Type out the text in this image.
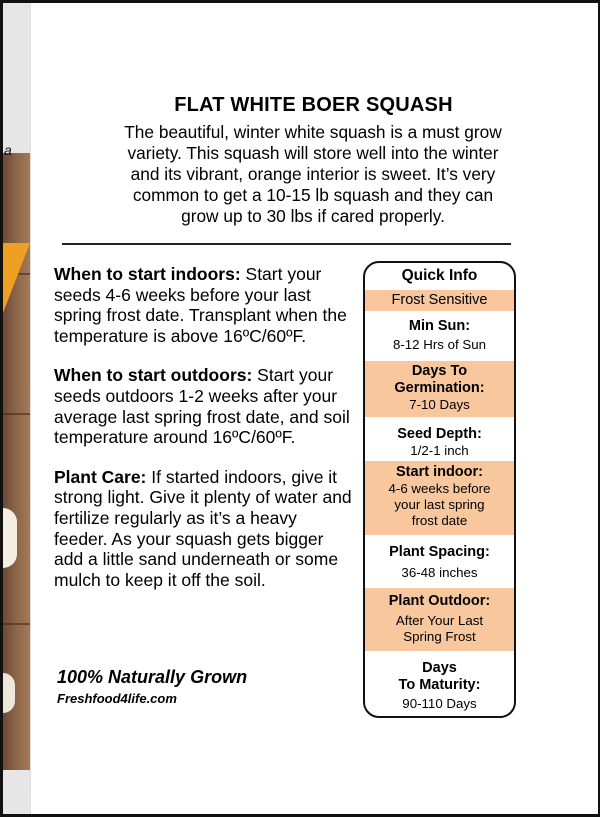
a
FLAT WHITE BOER SQUASH
The beautiful, winter white squash is a must grow
variety. This squash will store well into the winter
and its vibrant, orange interior is sweet. It’s very
common to get a 10-15 lb squash and they can
grow up to 30 lbs if cared properly.

When to start indoors: Start your seeds 4-6 weeks before your last spring frost date. Transplant when the temperature is above 16ºC/60ºF.

When to start outdoors: Start your seeds outdoors 1-2 weeks after your average last spring frost date, and soil temperature around 16ºC/60ºF.

Plant Care: If started indoors, give it strong light. Give it plenty of water and fertilize regularly as it’s a heavy feeder. As your squash gets bigger add a little sand underneath or some mulch to keep it off the soil.

100% Naturally Grown
Freshfood4life.com
Quick Info
Frost Sensitive
Min Sun:
8-12 Hrs of Sun
Days To
Germination:
7-10 Days
Seed Depth:
1/2-1 inch
Start indoor:
4-6 weeks before
your last spring
frost date
Plant Spacing:
36-48 inches
Plant Outdoor:
After Your Last
Spring Frost
Days
To Maturity:
90-110 Days
